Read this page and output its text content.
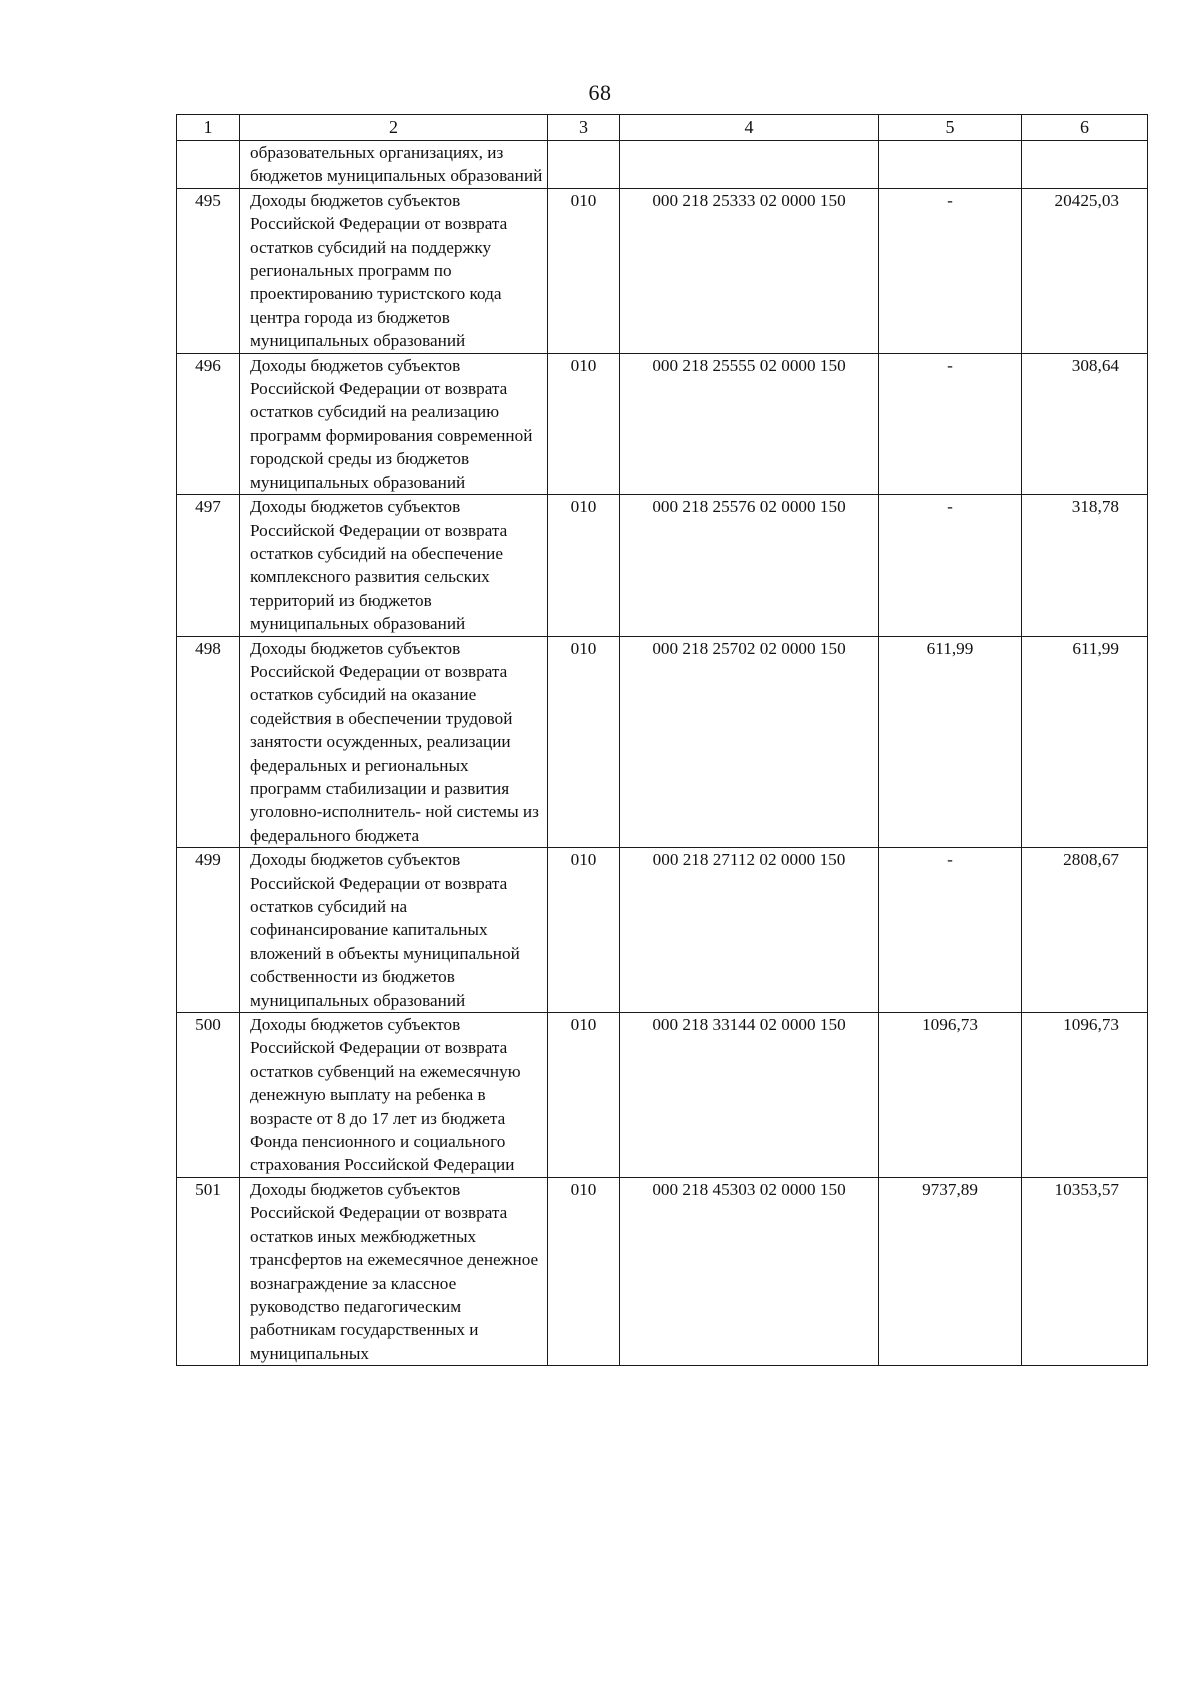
68
1	2	3	4	5	6
	образовательных организациях, из бюджетов муниципальных образований				
495	Доходы бюджетов субъектов Российской Федерации от возврата остатков субсидий на поддержку региональных программ по проектированию туристского кода центра города из бюджетов муниципальных образований	010	000 218 25333 02 0000 150	-	20425,03
496	Доходы бюджетов субъектов Российской Федерации от возврата остатков субсидий на реализацию программ формирования современной городской среды из бюджетов муниципальных образований	010	000 218 25555 02 0000 150	-	308,64
497	Доходы бюджетов субъектов Российской Федерации от возврата остатков субсидий на обеспечение комплексного развития сельских территорий из бюджетов муниципальных образований	010	000 218 25576 02 0000 150	-	318,78
498	Доходы бюджетов субъектов Российской Федерации от возврата остатков субсидий на оказание содействия в обеспечении трудовой занятости осужденных, реализации федеральных и региональных программ стабилизации и развития уголовно-исполнитель- ной системы из федерального бюджета	010	000 218 25702 02 0000 150	611,99	611,99
499	Доходы бюджетов субъектов Российской Федерации от возврата остатков субсидий на софинансирование капитальных вложений в объекты муниципальной собственности из бюджетов муниципальных образований	010	000 218 27112 02 0000 150	-	2808,67
500	Доходы бюджетов субъектов Российской Федерации от возврата остатков субвенций на ежемесячную денежную выплату на ребенка в возрасте от 8 до 17 лет из бюджета Фонда пенсионного и социального страхования Российской Федерации	010	000 218 33144 02 0000 150	1096,73	1096,73
501	Доходы бюджетов субъектов Российской Федерации от возврата остатков иных межбюджетных трансфертов на ежемесячное денежное вознаграждение за классное руководство педагогическим работникам государственных и муниципальных	010	000 218 45303 02 0000 150	9737,89	10353,57
